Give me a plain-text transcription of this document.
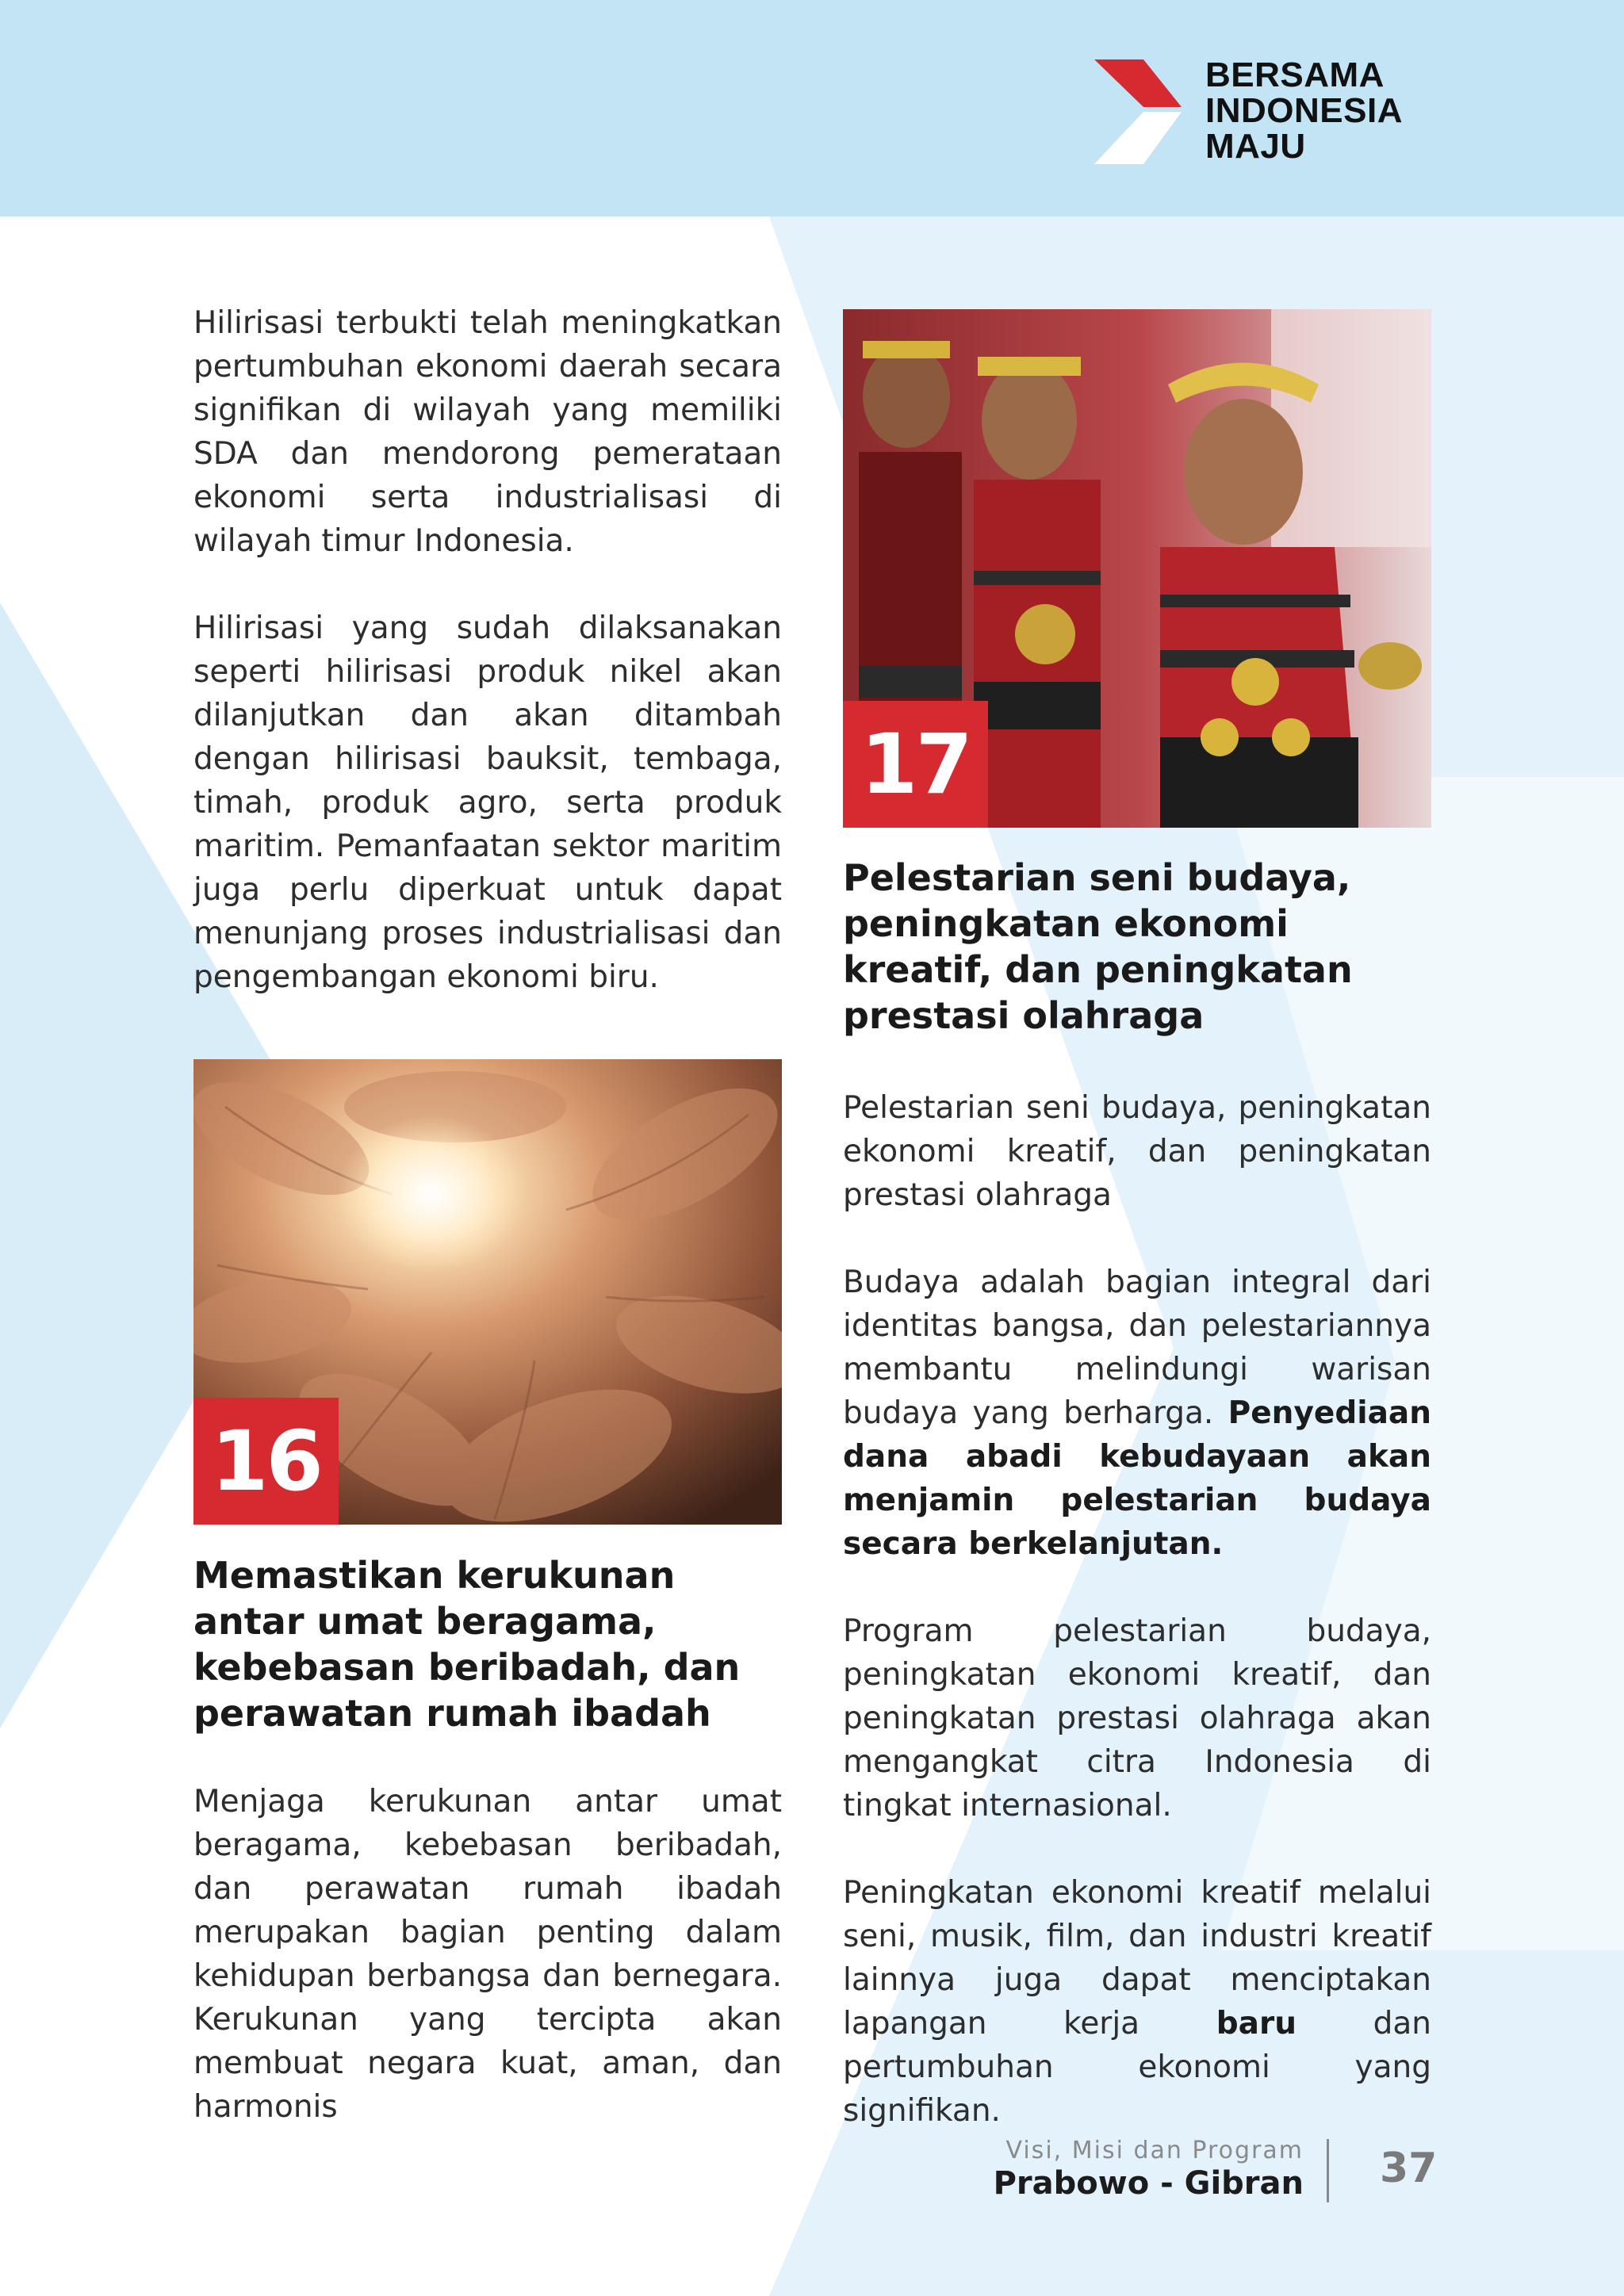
BERSAMA
INDONESIA
MAJU

Hilirisasi terbukti telah meningkatkan pertumbuhan ekonomi daerah secara signifikan di wilayah yang memiliki SDA dan mendorong pemerataan ekonomi serta industrialisasi di wilayah timur Indonesia.

Hilirisasi yang sudah dilaksanakan seperti hilirisasi produk nikel akan dilanjutkan dan akan ditambah dengan hilirisasi bauksit, tembaga, timah, produk agro, serta produk maritim. Pemanfaatan sektor maritim juga perlu diperkuat untuk dapat menunjang proses industrialisasi dan pengembangan ekonomi biru.

16
Memastikan kerukunan antar umat beragama, kebebasan beribadah, dan perawatan rumah ibadah

Menjaga kerukunan antar umat beragama, kebebasan beribadah, dan perawatan rumah ibadah merupakan bagian penting dalam kehidupan berbangsa dan bernegara. Kerukunan yang tercipta akan membuat negara kuat, aman, dan harmonis

17
Pelestarian seni budaya, peningkatan ekonomi kreatif, dan peningkatan prestasi olahraga

Pelestarian seni budaya, peningkatan ekonomi kreatif, dan peningkatan prestasi olahraga

Budaya adalah bagian integral dari identitas bangsa, dan pelestariannya membantu melindungi warisan budaya yang berharga. Penyediaan dana abadi kebudayaan akan menjamin pelestarian budaya secara berkelanjutan.

Program pelestarian budaya, peningkatan ekonomi kreatif, dan peningkatan prestasi olahraga akan mengangkat citra Indonesia di tingkat internasional.

Peningkatan ekonomi kreatif melalui seni, musik, film, dan industri kreatif lainnya juga dapat menciptakan lapangan kerja baru dan pertumbuhan ekonomi yang signifikan.

Visi, Misi dan Program
Prabowo - Gibran 37
